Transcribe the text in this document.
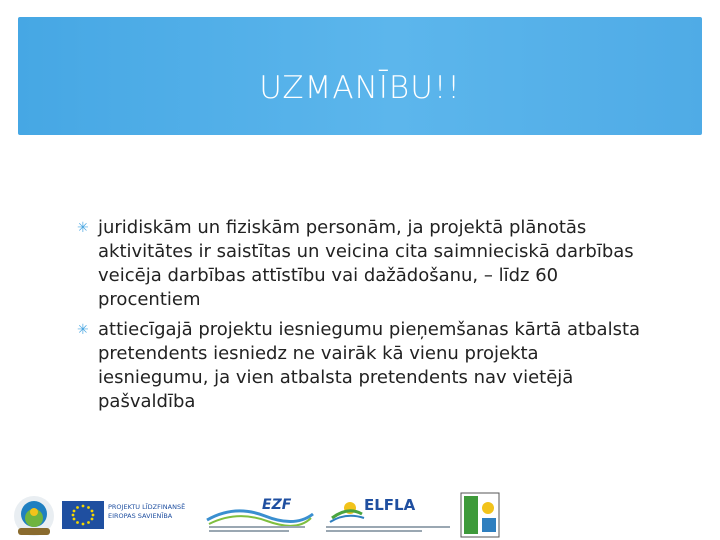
UZMANĪBU!!
✳ juridiskām un fiziskām personām, ja projektā plānotās aktivitātes ir saistītas un veicina cita saimnieciskā darbības veicēja darbības attīstību vai dažādošanu, – līdz 60 procentiem
✳ attiecīgajā projektu iesniegumu pieņemšanas kārtā atbalsta pretendents iesniedz ne vairāk kā vienu projekta iesniegumu, ja vien atbalsta pretendents nav vietējā pašvaldība
PROJEKTU LĪDZFINANSĒ
EIROPAS SAVIENĪBA
EZF	ELFLA
